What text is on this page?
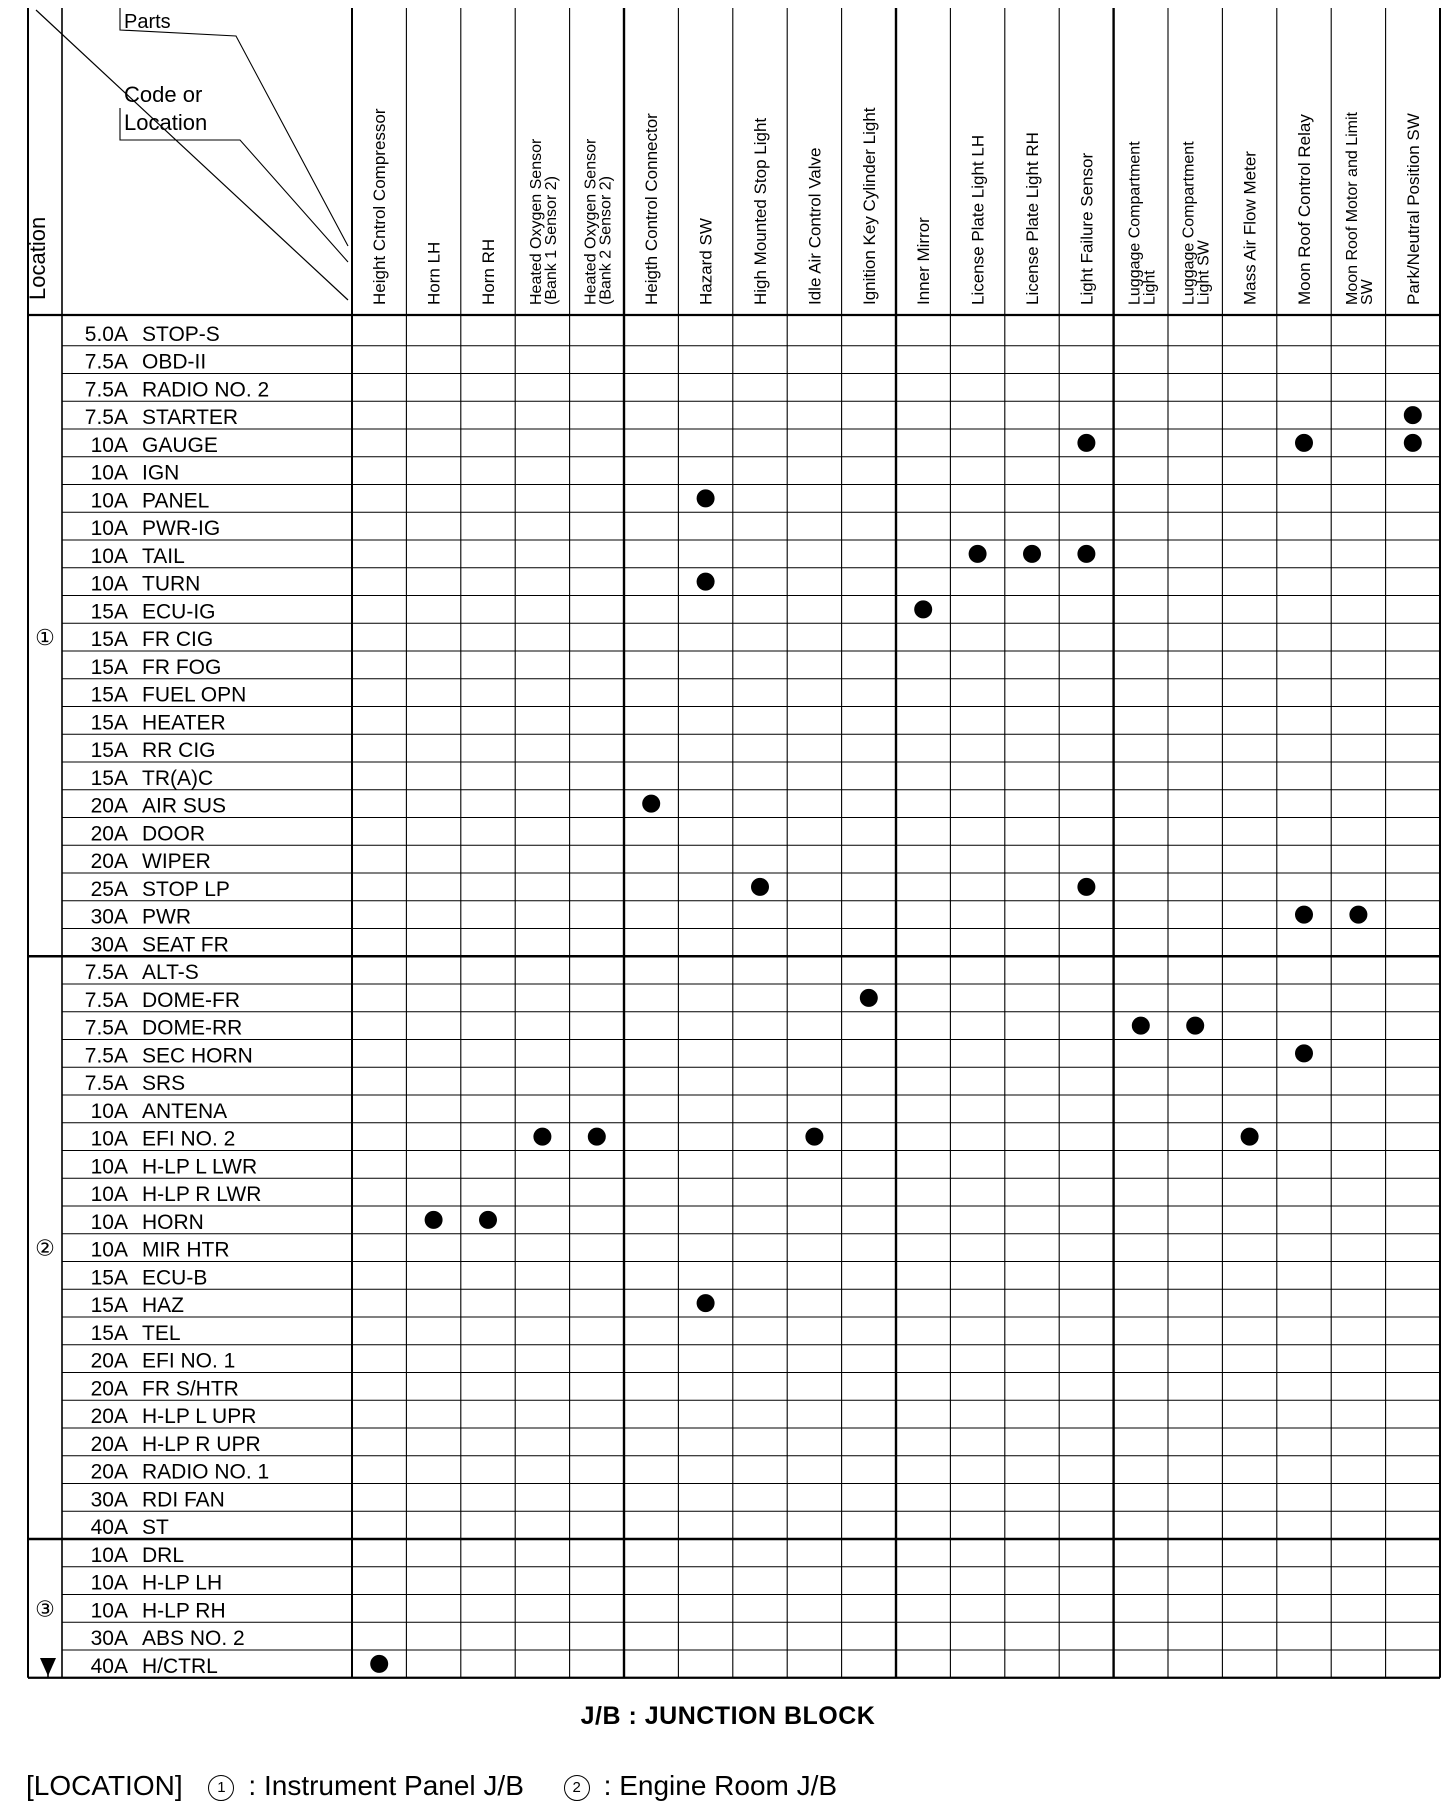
Height Cntrol Compressor Horn LH Horn RH Heated Oxygen Sensor
(Bank 1 Sensor 2) Heated Oxygen Sensor
(Bank 2 Sensor 2) Heigth Control Connector Hazard SW High Mounted Stop Light Idle Air Control Valve Ignition Key Cylinder Light Inner Mirror License Plate Light LH License Plate Light RH Light Failure Sensor Luggage Compartment
Light Luggage Compartment
Light SW Mass Air Flow Meter Moon Roof Control Relay Moon Roof Motor and Limit
SW Park/Neutral Position SW
5.0A STOP-S
7.5A OBD-II
7.5A RADIO NO. 2
7.5A STARTER
10A GAUGE
10A IGN
10A PANEL
10A PWR-IG
10A TAIL
10A TURN
15A ECU-IG
15A FR CIG
15A FR FOG
15A FUEL OPN
15A HEATER
15A RR CIG
15A TR(A)C
20A AIR SUS
20A DOOR
20A WIPER
25A STOP LP
30A PWR
30A SEAT FR
①
7.5A ALT-S
7.5A DOME-FR
7.5A DOME-RR
7.5A SEC HORN
7.5A SRS
10A ANTENA
10A EFI NO. 2
10A H-LP L LWR
10A H-LP R LWR
10A HORN
10A MIR HTR
15A ECU-B
15A HAZ
15A TEL
20A EFI NO. 1
20A FR S/HTR
20A H-LP L UPR
20A H-LP R UPR
20A RADIO NO. 1
30A RDI FAN
40A ST
②
10A DRL
10A H-LP LH
10A H-LP RH
30A ABS NO. 2
40A H/CTRL
③
Parts
Code or
Location
Location
J/B : JUNCTION BLOCK
[LOCATION] 1 : Instrument Panel J/B	2 : Engine Room J/B
